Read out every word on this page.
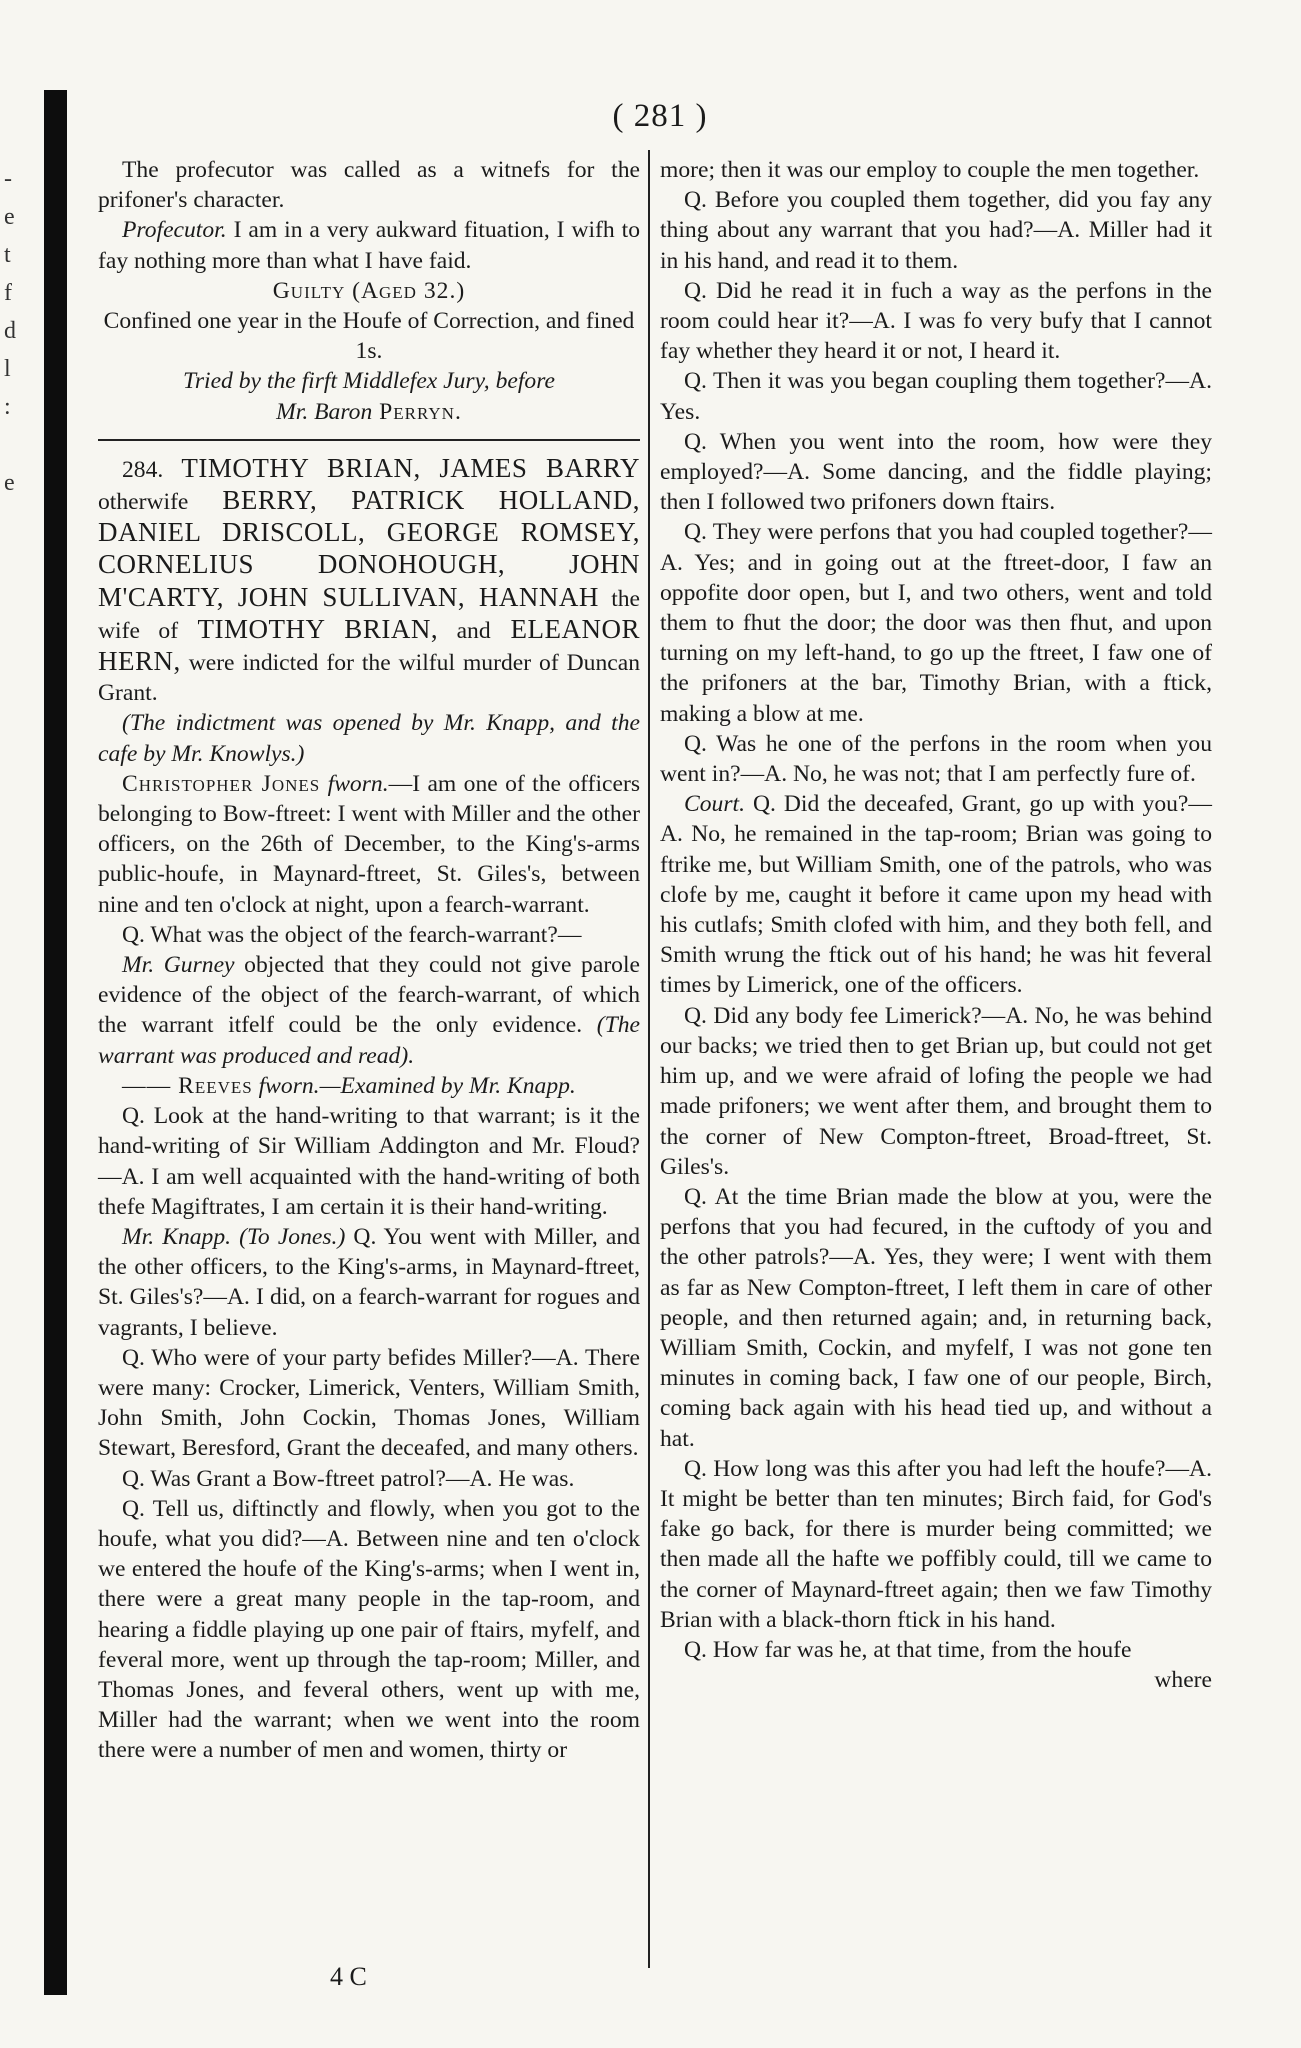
-
e
t
f
d
l
:
e
( 281 )

The profecutor was called as a witnefs for the prifoner's character.

Profecutor. I am in a very aukward fituation, I wifh to fay nothing more than what I have faid.

Guilty (Aged 32.)

Confined one year in the Houfe of Correction, and fined 1s.

Tried by the firft Middlefex Jury, before

Mr. Baron Perryn.

284. TIMOTHY BRIAN, JAMES BARRY otherwife BERRY, PATRICK HOLLAND, DANIEL DRISCOLL, GEORGE ROMSEY, CORNELIUS DONOHOUGH, JOHN M'CARTY, JOHN SULLIVAN, HANNAH the wife of TIMOTHY BRIAN, and ELEANOR HERN, were indicted for the wilful murder of Duncan Grant.

(The indictment was opened by Mr. Knapp, and the cafe by Mr. Knowlys.)

Christopher Jones fworn.—I am one of the officers belonging to Bow-ftreet: I went with Miller and the other officers, on the 26th of December, to the King's-arms public-houfe, in Maynard-ftreet, St. Giles's, between nine and ten o'clock at night, upon a fearch-warrant.

Q. What was the object of the fearch-warrant?—

Mr. Gurney objected that they could not give parole evidence of the object of the fearch-warrant, of which the warrant itfelf could be the only evidence. (The warrant was produced and read).

—— Reeves fworn.—Examined by Mr. Knapp.

Q. Look at the hand-writing to that warrant; is it the hand-writing of Sir William Addington and Mr. Floud?—A. I am well acquainted with the hand-writing of both thefe Magiftrates, I am certain it is their hand-writing.

Mr. Knapp. (To Jones.) Q. You went with Miller, and the other officers, to the King's-arms, in Maynard-ftreet, St. Giles's?—A. I did, on a fearch-warrant for rogues and vagrants, I believe.

Q. Who were of your party befides Miller?—A. There were many: Crocker, Limerick, Venters, William Smith, John Smith, John Cockin, Thomas Jones, William Stewart, Beresford, Grant the deceafed, and many others.

Q. Was Grant a Bow-ftreet patrol?—A. He was.

Q. Tell us, diftinctly and flowly, when you got to the houfe, what you did?—A. Between nine and ten o'clock we entered the houfe of the King's-arms; when I went in, there were a great many people in the tap-room, and hearing a fiddle playing up one pair of ftairs, myfelf, and feveral more, went up through the tap-room; Miller, and Thomas Jones, and feveral others, went up with me, Miller had the warrant; when we went into the room there were a number of men and women, thirty or

more; then it was our employ to couple the men together.

Q. Before you coupled them together, did you fay any thing about any warrant that you had?—A. Miller had it in his hand, and read it to them.

Q. Did he read it in fuch a way as the perfons in the room could hear it?—A. I was fo very bufy that I cannot fay whether they heard it or not, I heard it.

Q. Then it was you began coupling them together?—A. Yes.

Q. When you went into the room, how were they employed?—A. Some dancing, and the fiddle playing; then I followed two prifoners down ftairs.

Q. They were perfons that you had coupled together?—A. Yes; and in going out at the ftreet-door, I faw an oppofite door open, but I, and two others, went and told them to fhut the door; the door was then fhut, and upon turning on my left-hand, to go up the ftreet, I faw one of the prifoners at the bar, Timothy Brian, with a ftick, making a blow at me.

Q. Was he one of the perfons in the room when you went in?—A. No, he was not; that I am perfectly fure of.

Court. Q. Did the deceafed, Grant, go up with you?—A. No, he remained in the tap-room; Brian was going to ftrike me, but William Smith, one of the patrols, who was clofe by me, caught it before it came upon my head with his cutlafs; Smith clofed with him, and they both fell, and Smith wrung the ftick out of his hand; he was hit feveral times by Limerick, one of the officers.

Q. Did any body fee Limerick?—A. No, he was behind our backs; we tried then to get Brian up, but could not get him up, and we were afraid of lofing the people we had made prifoners; we went after them, and brought them to the corner of New Compton-ftreet, Broad-ftreet, St. Giles's.

Q. At the time Brian made the blow at you, were the perfons that you had fecured, in the cuftody of you and the other patrols?—A. Yes, they were; I went with them as far as New Compton-ftreet, I left them in care of other people, and then returned again; and, in returning back, William Smith, Cockin, and myfelf, I was not gone ten minutes in coming back, I faw one of our people, Birch, coming back again with his head tied up, and without a hat.

Q. How long was this after you had left the houfe?—A. It might be better than ten minutes; Birch faid, for God's fake go back, for there is murder being committed; we then made all the hafte we poffibly could, till we came to the corner of Maynard-ftreet again; then we faw Timothy Brian with a black-thorn ftick in his hand.

Q. How far was he, at that time, from the houfe

where

4 C
